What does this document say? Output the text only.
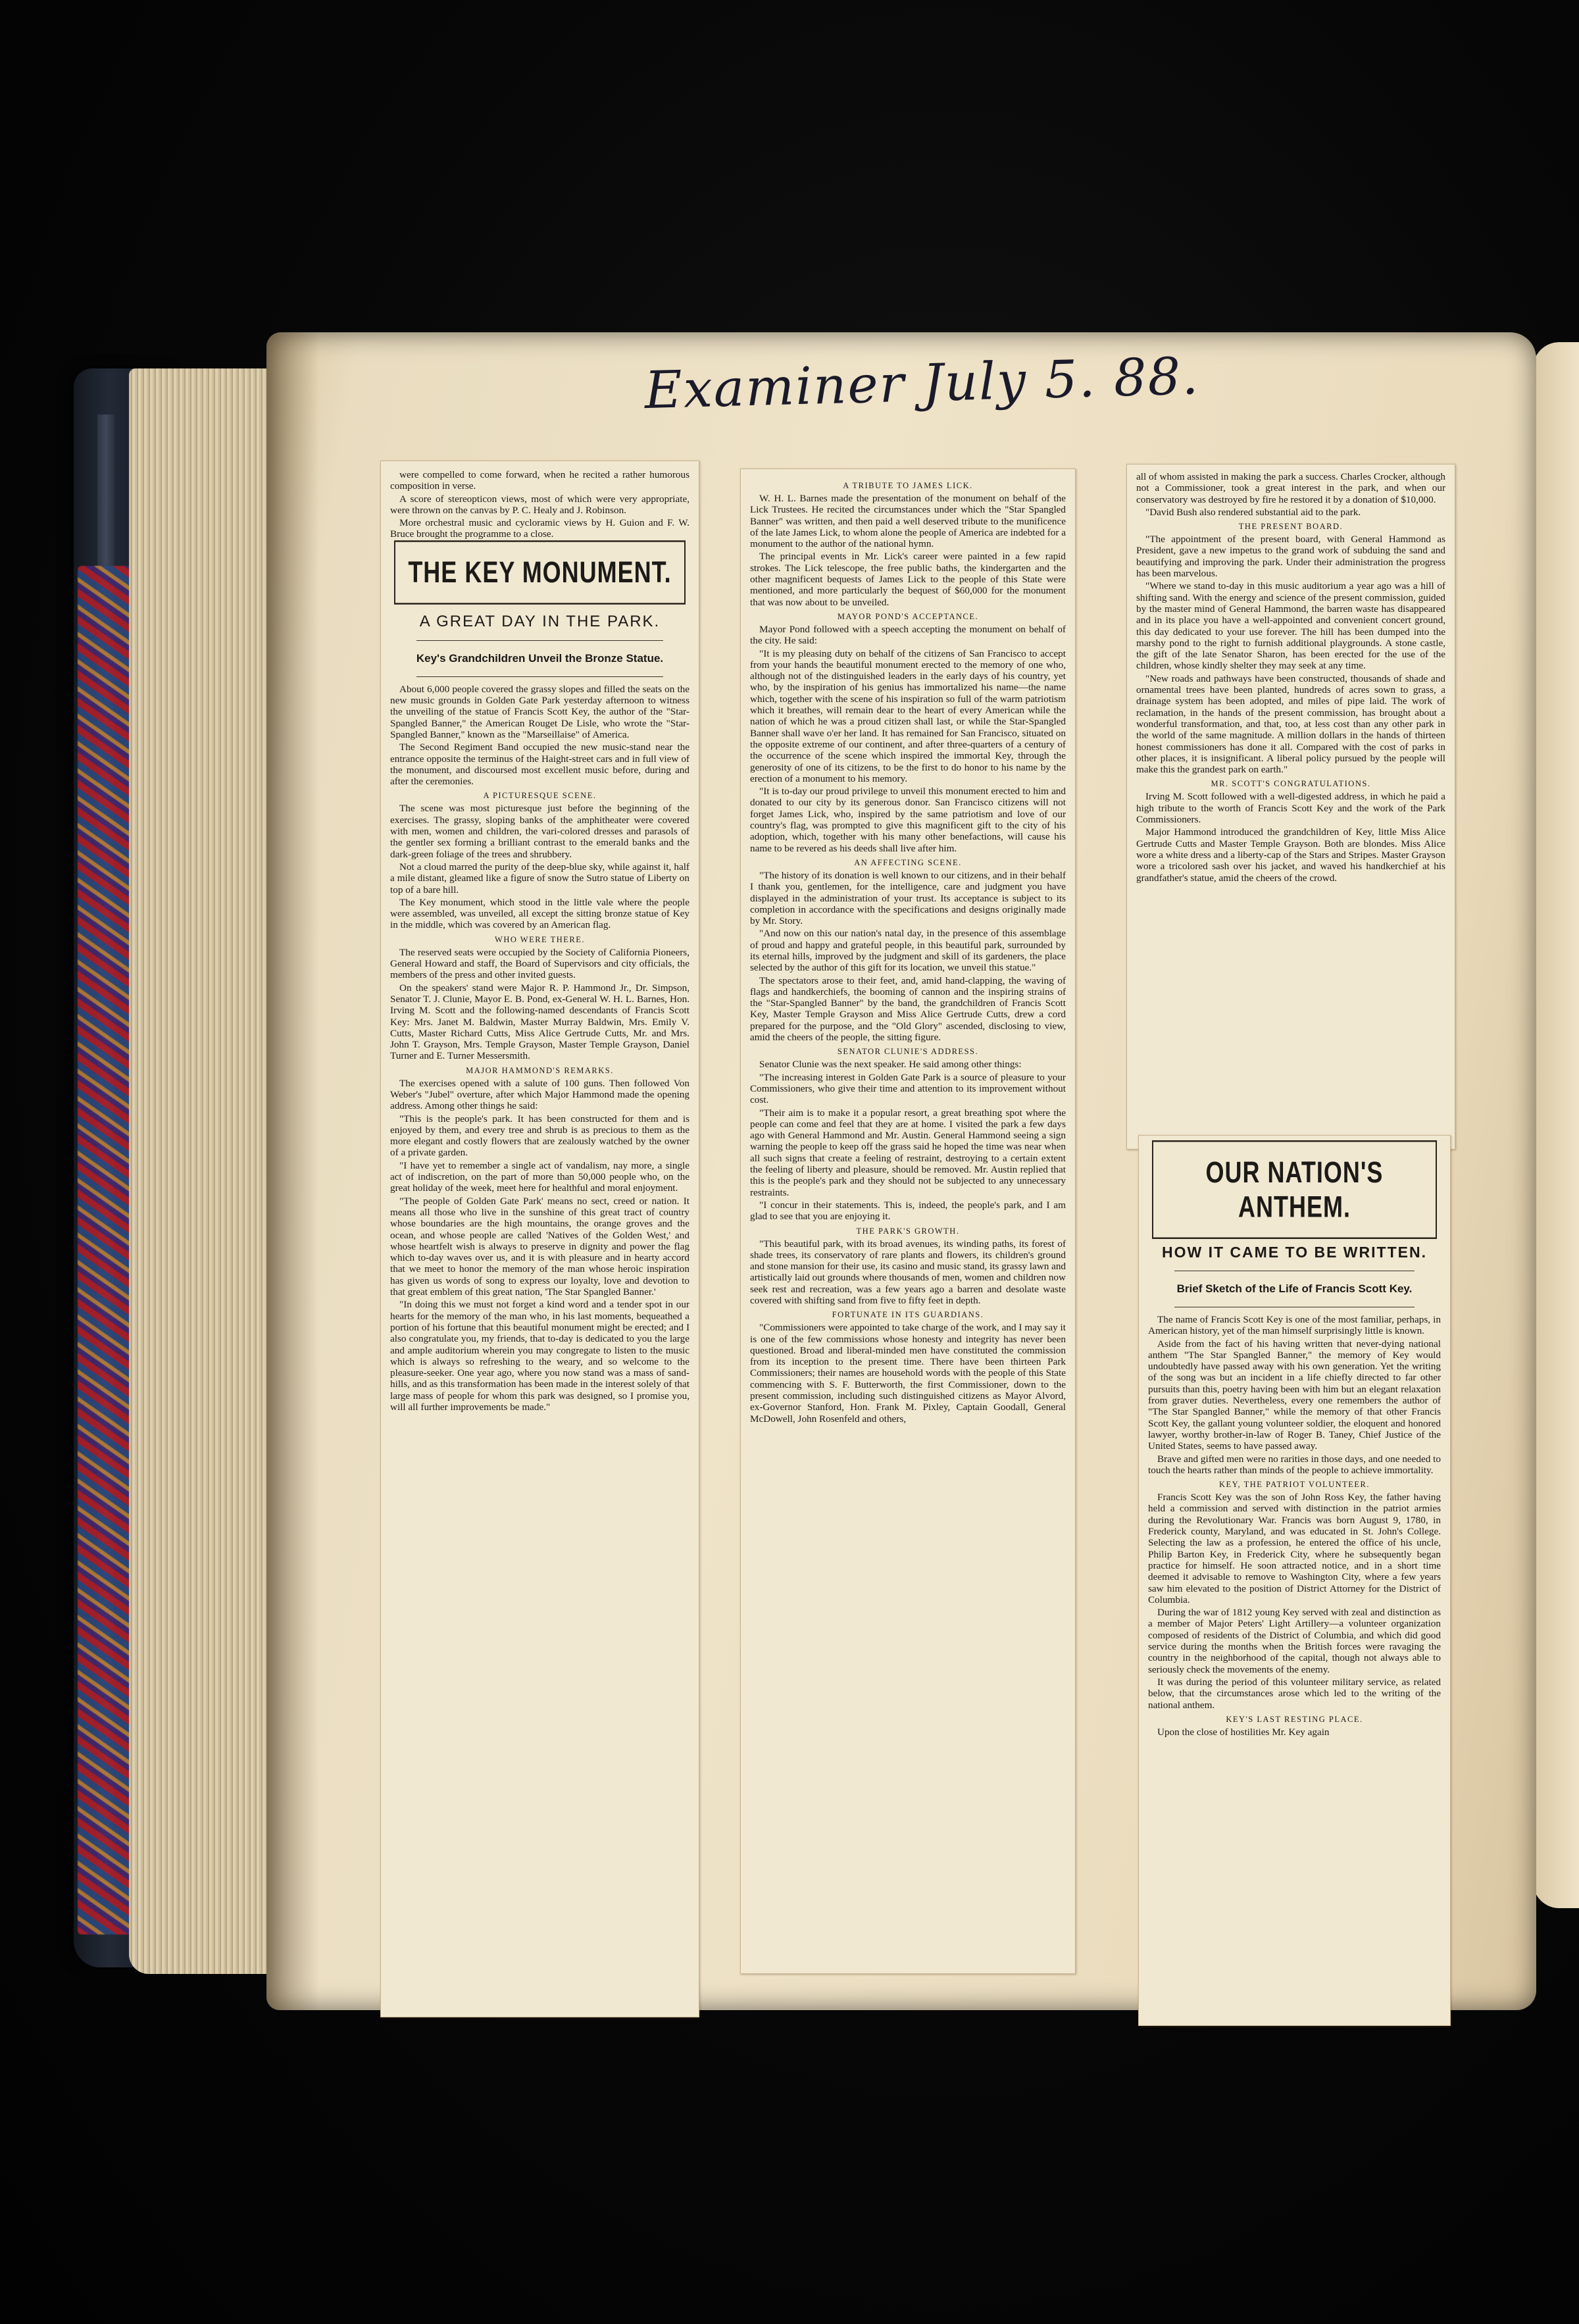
Examiner July 5. 88.

were compelled to come forward, when he recited a rather humorous composition in verse.

A score of stereopticon views, most of which were very appropriate, were thrown on the canvas by P. C. Healy and J. Robinson.

More orchestral music and cycloramic views by H. Guion and F. W. Bruce brought the programme to a close.

THE KEY MONUMENT.
A GREAT DAY IN THE PARK.
Key's Grandchildren Unveil the Bronze Statue.

About 6,000 people covered the grassy slopes and filled the seats on the new music grounds in Golden Gate Park yesterday afternoon to witness the unveiling of the statue of Francis Scott Key, the author of the "Star-Spangled Banner," the American Rouget De Lisle, who wrote the "Star-Spangled Banner," known as the "Marseillaise" of America.

The Second Regiment Band occupied the new music-stand near the entrance opposite the terminus of the Haight-street cars and in full view of the monument, and discoursed most excellent music before, during and after the ceremonies.

A PICTURESQUE SCENE.

The scene was most picturesque just before the beginning of the exercises. The grassy, sloping banks of the amphitheater were covered with men, women and children, the vari-colored dresses and parasols of the gentler sex forming a brilliant contrast to the emerald banks and the dark-green foliage of the trees and shrubbery.

Not a cloud marred the purity of the deep-blue sky, while against it, half a mile distant, gleamed like a figure of snow the Sutro statue of Liberty on top of a bare hill.

The Key monument, which stood in the little vale where the people were assembled, was unveiled, all except the sitting bronze statue of Key in the middle, which was covered by an American flag.

WHO WERE THERE.

The reserved seats were occupied by the Society of California Pioneers, General Howard and staff, the Board of Supervisors and city officials, the members of the press and other invited guests.

On the speakers' stand were Major R. P. Hammond Jr., Dr. Simpson, Senator T. J. Clunie, Mayor E. B. Pond, ex-General W. H. L. Barnes, Hon. Irving M. Scott and the following-named descendants of Francis Scott Key: Mrs. Janet M. Baldwin, Master Murray Baldwin, Mrs. Emily V. Cutts, Master Richard Cutts, Miss Alice Gertrude Cutts, Mr. and Mrs. John T. Grayson, Mrs. Temple Grayson, Master Temple Grayson, Daniel Turner and E. Turner Messersmith.

MAJOR HAMMOND'S REMARKS.

The exercises opened with a salute of 100 guns. Then followed Von Weber's "Jubel" overture, after which Major Hammond made the opening address. Among other things he said:

"This is the people's park. It has been constructed for them and is enjoyed by them, and every tree and shrub is as precious to them as the more elegant and costly flowers that are zealously watched by the owner of a private garden.

"I have yet to remember a single act of vandalism, nay more, a single act of indiscretion, on the part of more than 50,000 people who, on the great holiday of the week, meet here for healthful and moral enjoyment.

"The people of Golden Gate Park' means no sect, creed or nation. It means all those who live in the sunshine of this great tract of country whose boundaries are the high mountains, the orange groves and the ocean, and whose people are called 'Natives of the Golden West,' and whose heartfelt wish is always to preserve in dignity and power the flag which to-day waves over us, and it is with pleasure and in hearty accord that we meet to honor the memory of the man whose heroic inspiration has given us words of song to express our loyalty, love and devotion to that great emblem of this great nation, 'The Star Spangled Banner.'

"In doing this we must not forget a kind word and a tender spot in our hearts for the memory of the man who, in his last moments, bequeathed a portion of his fortune that this beautiful monument might be erected; and I also congratulate you, my friends, that to-day is dedicated to you the large and ample auditorium wherein you may congregate to listen to the music which is always so refreshing to the weary, and so welcome to the pleasure-seeker. One year ago, where you now stand was a mass of sand-hills, and as this transformation has been made in the interest solely of that large mass of people for whom this park was designed, so I promise you, will all further improvements be made."

A TRIBUTE TO JAMES LICK.

W. H. L. Barnes made the presentation of the monument on behalf of the Lick Trustees. He recited the circumstances under which the "Star Spangled Banner" was written, and then paid a well deserved tribute to the munificence of the late James Lick, to whom alone the people of America are indebted for a monument to the author of the national hymn.

The principal events in Mr. Lick's career were painted in a few rapid strokes. The Lick telescope, the free public baths, the kindergarten and the other magnificent bequests of James Lick to the people of this State were mentioned, and more particularly the bequest of $60,000 for the monument that was now about to be unveiled.

MAYOR POND'S ACCEPTANCE.

Mayor Pond followed with a speech accepting the monument on behalf of the city. He said:

"It is my pleasing duty on behalf of the citizens of San Francisco to accept from your hands the beautiful monument erected to the memory of one who, although not of the distinguished leaders in the early days of his country, yet who, by the inspiration of his genius has immortalized his name—the name which, together with the scene of his inspiration so full of the warm patriotism which it breathes, will remain dear to the heart of every American while the nation of which he was a proud citizen shall last, or while the Star-Spangled Banner shall wave o'er her land. It has remained for San Francisco, situated on the opposite extreme of our continent, and after three-quarters of a century of the occurrence of the scene which inspired the immortal Key, through the generosity of one of its citizens, to be the first to do honor to his name by the erection of a monument to his memory.

"It is to-day our proud privilege to unveil this monument erected to him and donated to our city by its generous donor. San Francisco citizens will not forget James Lick, who, inspired by the same patriotism and love of our country's flag, was prompted to give this magnificent gift to the city of his adoption, which, together with his many other benefactions, will cause his name to be revered as his deeds shall live after him.

AN AFFECTING SCENE.

"The history of its donation is well known to our citizens, and in their behalf I thank you, gentlemen, for the intelligence, care and judgment you have displayed in the administration of your trust. Its acceptance is subject to its completion in accordance with the specifications and designs originally made by Mr. Story.

"And now on this our nation's natal day, in the presence of this assemblage of proud and happy and grateful people, in this beautiful park, surrounded by its eternal hills, improved by the judgment and skill of its gardeners, the place selected by the author of this gift for its location, we unveil this statue."

The spectators arose to their feet, and, amid hand-clapping, the waving of flags and handkerchiefs, the booming of cannon and the inspiring strains of the "Star-Spangled Banner" by the band, the grandchildren of Francis Scott Key, Master Temple Grayson and Miss Alice Gertrude Cutts, drew a cord prepared for the purpose, and the "Old Glory" ascended, disclosing to view, amid the cheers of the people, the sitting figure.

SENATOR CLUNIE'S ADDRESS.

Senator Clunie was the next speaker. He said among other things:

"The increasing interest in Golden Gate Park is a source of pleasure to your Commissioners, who give their time and attention to its improvement without cost.

"Their aim is to make it a popular resort, a great breathing spot where the people can come and feel that they are at home. I visited the park a few days ago with General Hammond and Mr. Austin. General Hammond seeing a sign warning the people to keep off the grass said he hoped the time was near when all such signs that create a feeling of restraint, destroying to a certain extent the feeling of liberty and pleasure, should be removed. Mr. Austin replied that this is the people's park and they should not be subjected to any unnecessary restraints.

"I concur in their statements. This is, indeed, the people's park, and I am glad to see that you are enjoying it.

THE PARK'S GROWTH.

"This beautiful park, with its broad avenues, its winding paths, its forest of shade trees, its conservatory of rare plants and flowers, its children's ground and stone mansion for their use, its casino and music stand, its grassy lawn and artistically laid out grounds where thousands of men, women and children now seek rest and recreation, was a few years ago a barren and desolate waste covered with shifting sand from five to fifty feet in depth.

FORTUNATE IN ITS GUARDIANS.

"Commissioners were appointed to take charge of the work, and I may say it is one of the few commissions whose honesty and integrity has never been questioned. Broad and liberal-minded men have constituted the commission from its inception to the present time. There have been thirteen Park Commissioners; their names are household words with the people of this State commencing with S. F. Butterworth, the first Commissioner, down to the present commission, including such distinguished citizens as Mayor Alvord, ex-Governor Stanford, Hon. Frank M. Pixley, Captain Goodall, General McDowell, John Rosenfeld and others,

all of whom assisted in making the park a success. Charles Crocker, although not a Commissioner, took a great interest in the park, and when our conservatory was destroyed by fire he restored it by a donation of $10,000.

"David Bush also rendered substantial aid to the park.

THE PRESENT BOARD.

"The appointment of the present board, with General Hammond as President, gave a new impetus to the grand work of subduing the sand and beautifying and improving the park. Under their administration the progress has been marvelous.

"Where we stand to-day in this music auditorium a year ago was a hill of shifting sand. With the energy and science of the present commission, guided by the master mind of General Hammond, the barren waste has disappeared and in its place you have a well-appointed and convenient concert ground, this day dedicated to your use forever. The hill has been dumped into the marshy pond to the right to furnish additional playgrounds. A stone castle, the gift of the late Senator Sharon, has been erected for the use of the children, whose kindly shelter they may seek at any time.

"New roads and pathways have been constructed, thousands of shade and ornamental trees have been planted, hundreds of acres sown to grass, a drainage system has been adopted, and miles of pipe laid. The work of reclamation, in the hands of the present commission, has brought about a wonderful transformation, and that, too, at less cost than any other park in the world of the same magnitude. A million dollars in the hands of thirteen honest commissioners has done it all. Compared with the cost of parks in other places, it is insignificant. A liberal policy pursued by the people will make this the grandest park on earth."

MR. SCOTT'S CONGRATULATIONS.

Irving M. Scott followed with a well-digested address, in which he paid a high tribute to the worth of Francis Scott Key and the work of the Park Commissioners.

Major Hammond introduced the grandchildren of Key, little Miss Alice Gertrude Cutts and Master Temple Grayson. Both are blondes. Miss Alice wore a white dress and a liberty-cap of the Stars and Stripes. Master Grayson wore a tricolored sash over his jacket, and waved his handkerchief at his grandfather's statue, amid the cheers of the crowd.

OUR NATION'S ANTHEM.
HOW IT CAME TO BE WRITTEN.
Brief Sketch of the Life of Francis Scott Key.

The name of Francis Scott Key is one of the most familiar, perhaps, in American history, yet of the man himself surprisingly little is known.

Aside from the fact of his having written that never-dying national anthem "The Star Spangled Banner," the memory of Key would undoubtedly have passed away with his own generation. Yet the writing of the song was but an incident in a life chiefly directed to far other pursuits than this, poetry having been with him but an elegant relaxation from graver duties. Nevertheless, every one remembers the author of "The Star Spangled Banner," while the memory of that other Francis Scott Key, the gallant young volunteer soldier, the eloquent and honored lawyer, worthy brother-in-law of Roger B. Taney, Chief Justice of the United States, seems to have passed away.

Brave and gifted men were no rarities in those days, and one needed to touch the hearts rather than minds of the people to achieve immortality.

KEY, THE PATRIOT VOLUNTEER.

Francis Scott Key was the son of John Ross Key, the father having held a commission and served with distinction in the patriot armies during the Revolutionary War. Francis was born August 9, 1780, in Frederick county, Maryland, and was educated in St. John's College. Selecting the law as a profession, he entered the office of his uncle, Philip Barton Key, in Frederick City, where he subsequently began practice for himself. He soon attracted notice, and in a short time deemed it advisable to remove to Washington City, where a few years saw him elevated to the position of District Attorney for the District of Columbia.

During the war of 1812 young Key served with zeal and distinction as a member of Major Peters' Light Artillery—a volunteer organization composed of residents of the District of Columbia, and which did good service during the months when the British forces were ravaging the country in the neighborhood of the capital, though not always able to seriously check the movements of the enemy.

It was during the period of this volunteer military service, as related below, that the circumstances arose which led to the writing of the national anthem.

KEY'S LAST RESTING PLACE.

Upon the close of hostilities Mr. Key again
